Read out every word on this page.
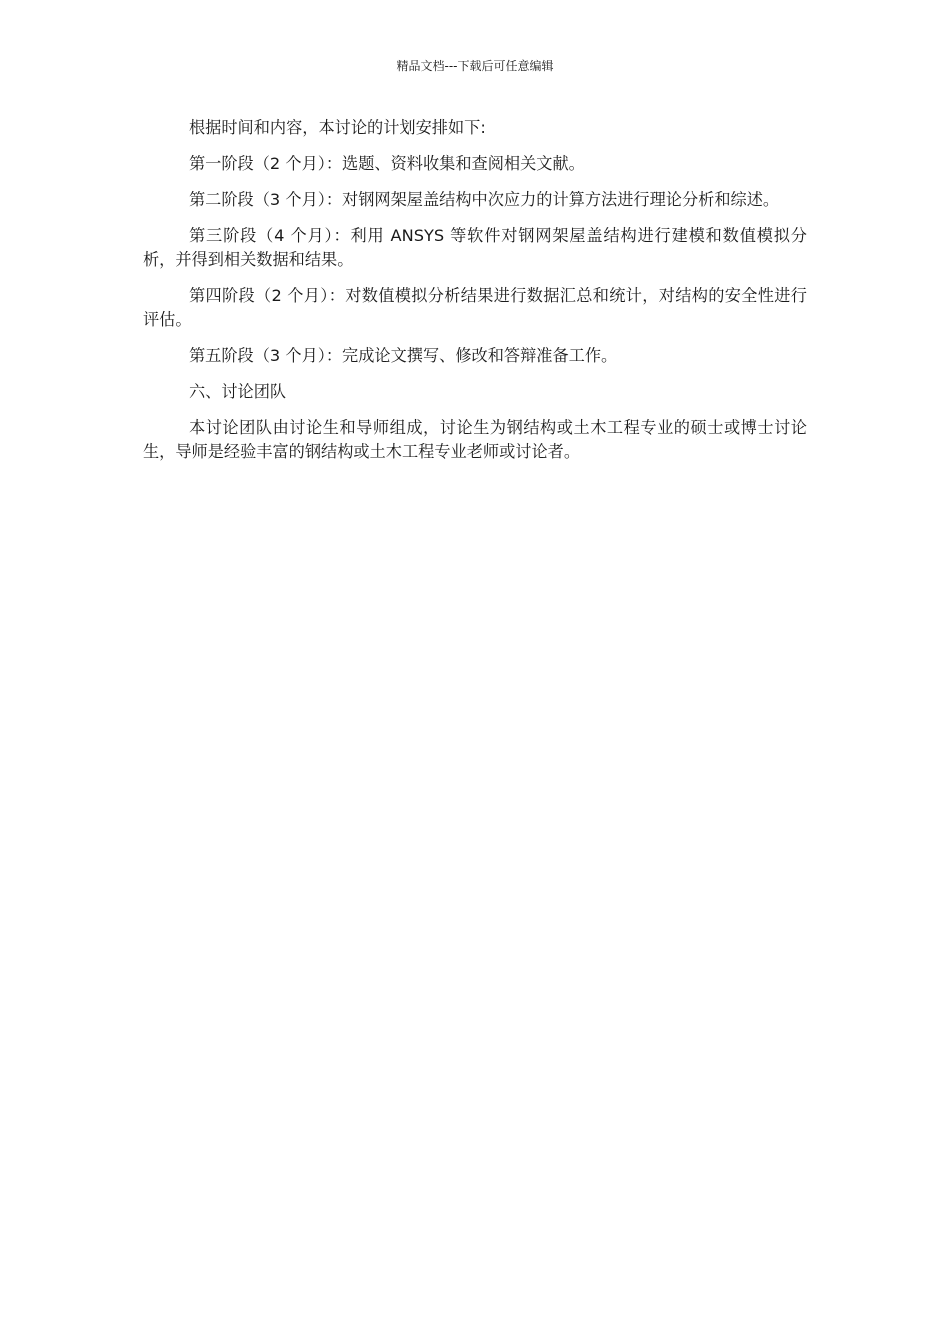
精品文档---下载后可任意编辑

根据时间和内容，本讨论的计划安排如下:

第一阶段（2 个月）：选题、资料收集和查阅相关文献。

第二阶段（3 个月）：对钢网架屋盖结构中次应力的计算方法进行理论分析和综述。

第三阶段（4 个月）：利用 ANSYS 等软件对钢网架屋盖结构进行建模和数值模拟分析，并得到相关数据和结果。

第四阶段（2 个月）：对数值模拟分析结果进行数据汇总和统计，对结构的安全性进行评估。

第五阶段（3 个月）：完成论文撰写、修改和答辩准备工作。

六、讨论团队

本讨论团队由讨论生和导师组成，讨论生为钢结构或土木工程专业的硕士或博士讨论生，导师是经验丰富的钢结构或土木工程专业老师或讨论者。
